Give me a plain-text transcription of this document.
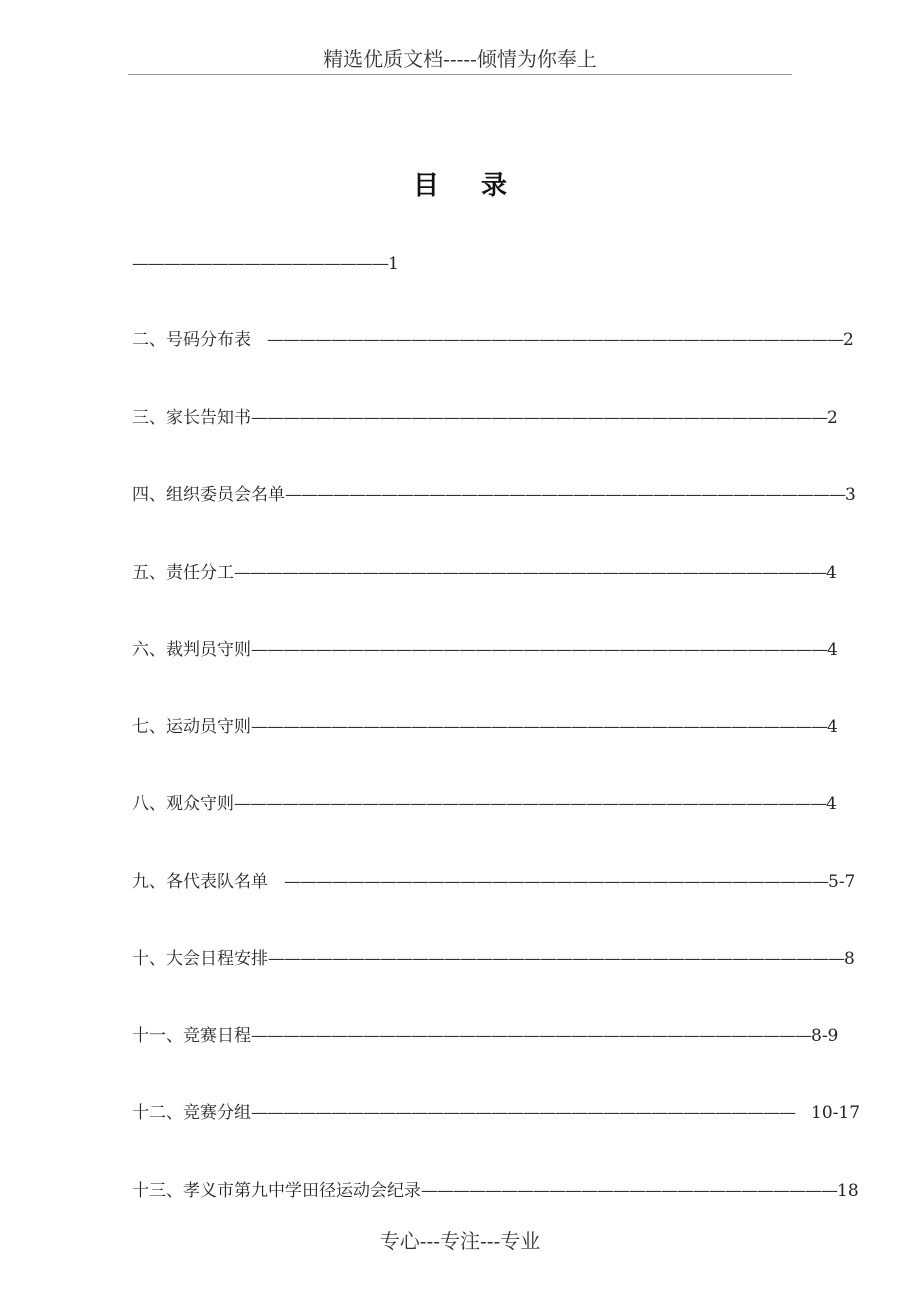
精选优质文档-----倾情为你奉上
目录
————————————————1
二、号码分布表　————————————————————————————————————2
三、家长告知书————————————————————————————————————2
四、组织委员会名单———————————————————————————————————3
五、责任分工—————————————————————————————————————4
六、裁判员守则————————————————————————————————————4
七、运动员守则————————————————————————————————————4
八、观众守则—————————————————————————————————————4
九、各代表队名单　——————————————————————————————————5-7
十、大会日程安排————————————————————————————————————8
十一、竞赛日程———————————————————————————————————8-9
十二、竞赛分组——————————————————————————————————　10-17
十三、孝义市第九中学田径运动会纪录——————————————————————————18
专心---专注---专业
